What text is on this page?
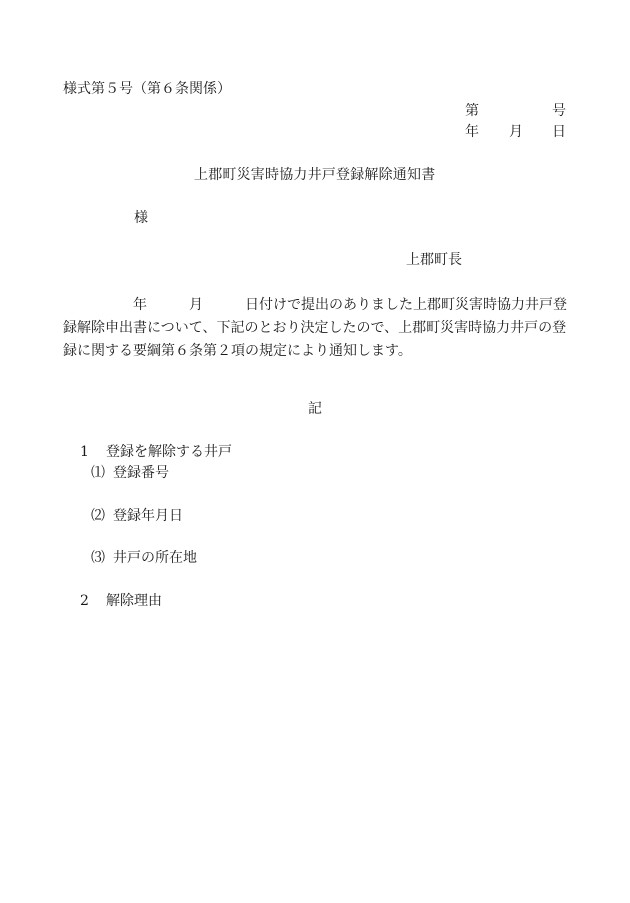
様式第５号（第６条関係）
第	号
年 月 日
上郡町災害時協力井戸登録解除通知書
様
上郡町長
　　　　　年　　　月　　　日付けで提出のありました上郡町災害時協力井戸登録解除申出書について、下記のとおり決定したので、上郡町災害時協力井戸の登録に関する要綱第６条第２項の規定により通知します。
記
1 登録を解除する井戸
⑴ 登録番号
⑵ 登録年月日
⑶ 井戸の所在地
2 解除理由
